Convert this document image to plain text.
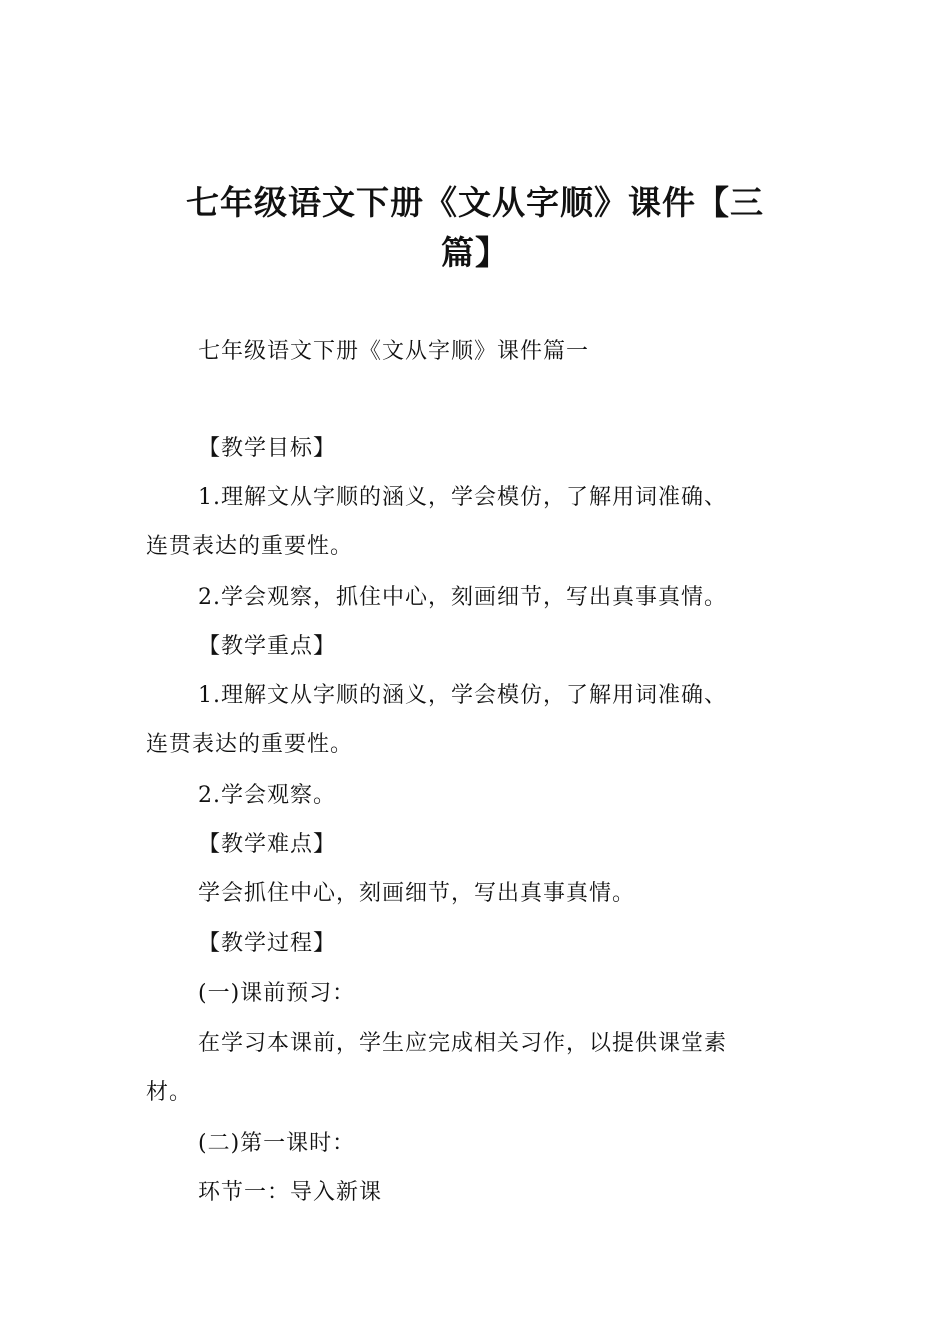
七年级语文下册《文从字顺》课件【三
篇】
七年级语文下册《文从字顺》课件篇一
【教学目标】
1.理解文从字顺的涵义，学会模仿，了解用词准确、
连贯表达的重要性。
2.学会观察，抓住中心，刻画细节，写出真事真情。
【教学重点】
1.理解文从字顺的涵义，学会模仿，了解用词准确、
连贯表达的重要性。
2.学会观察。
【教学难点】
学会抓住中心，刻画细节，写出真事真情。
【教学过程】
(一)课前预习：
在学习本课前，学生应完成相关习作，以提供课堂素
材。
(二)第一课时：
环节一：导入新课
